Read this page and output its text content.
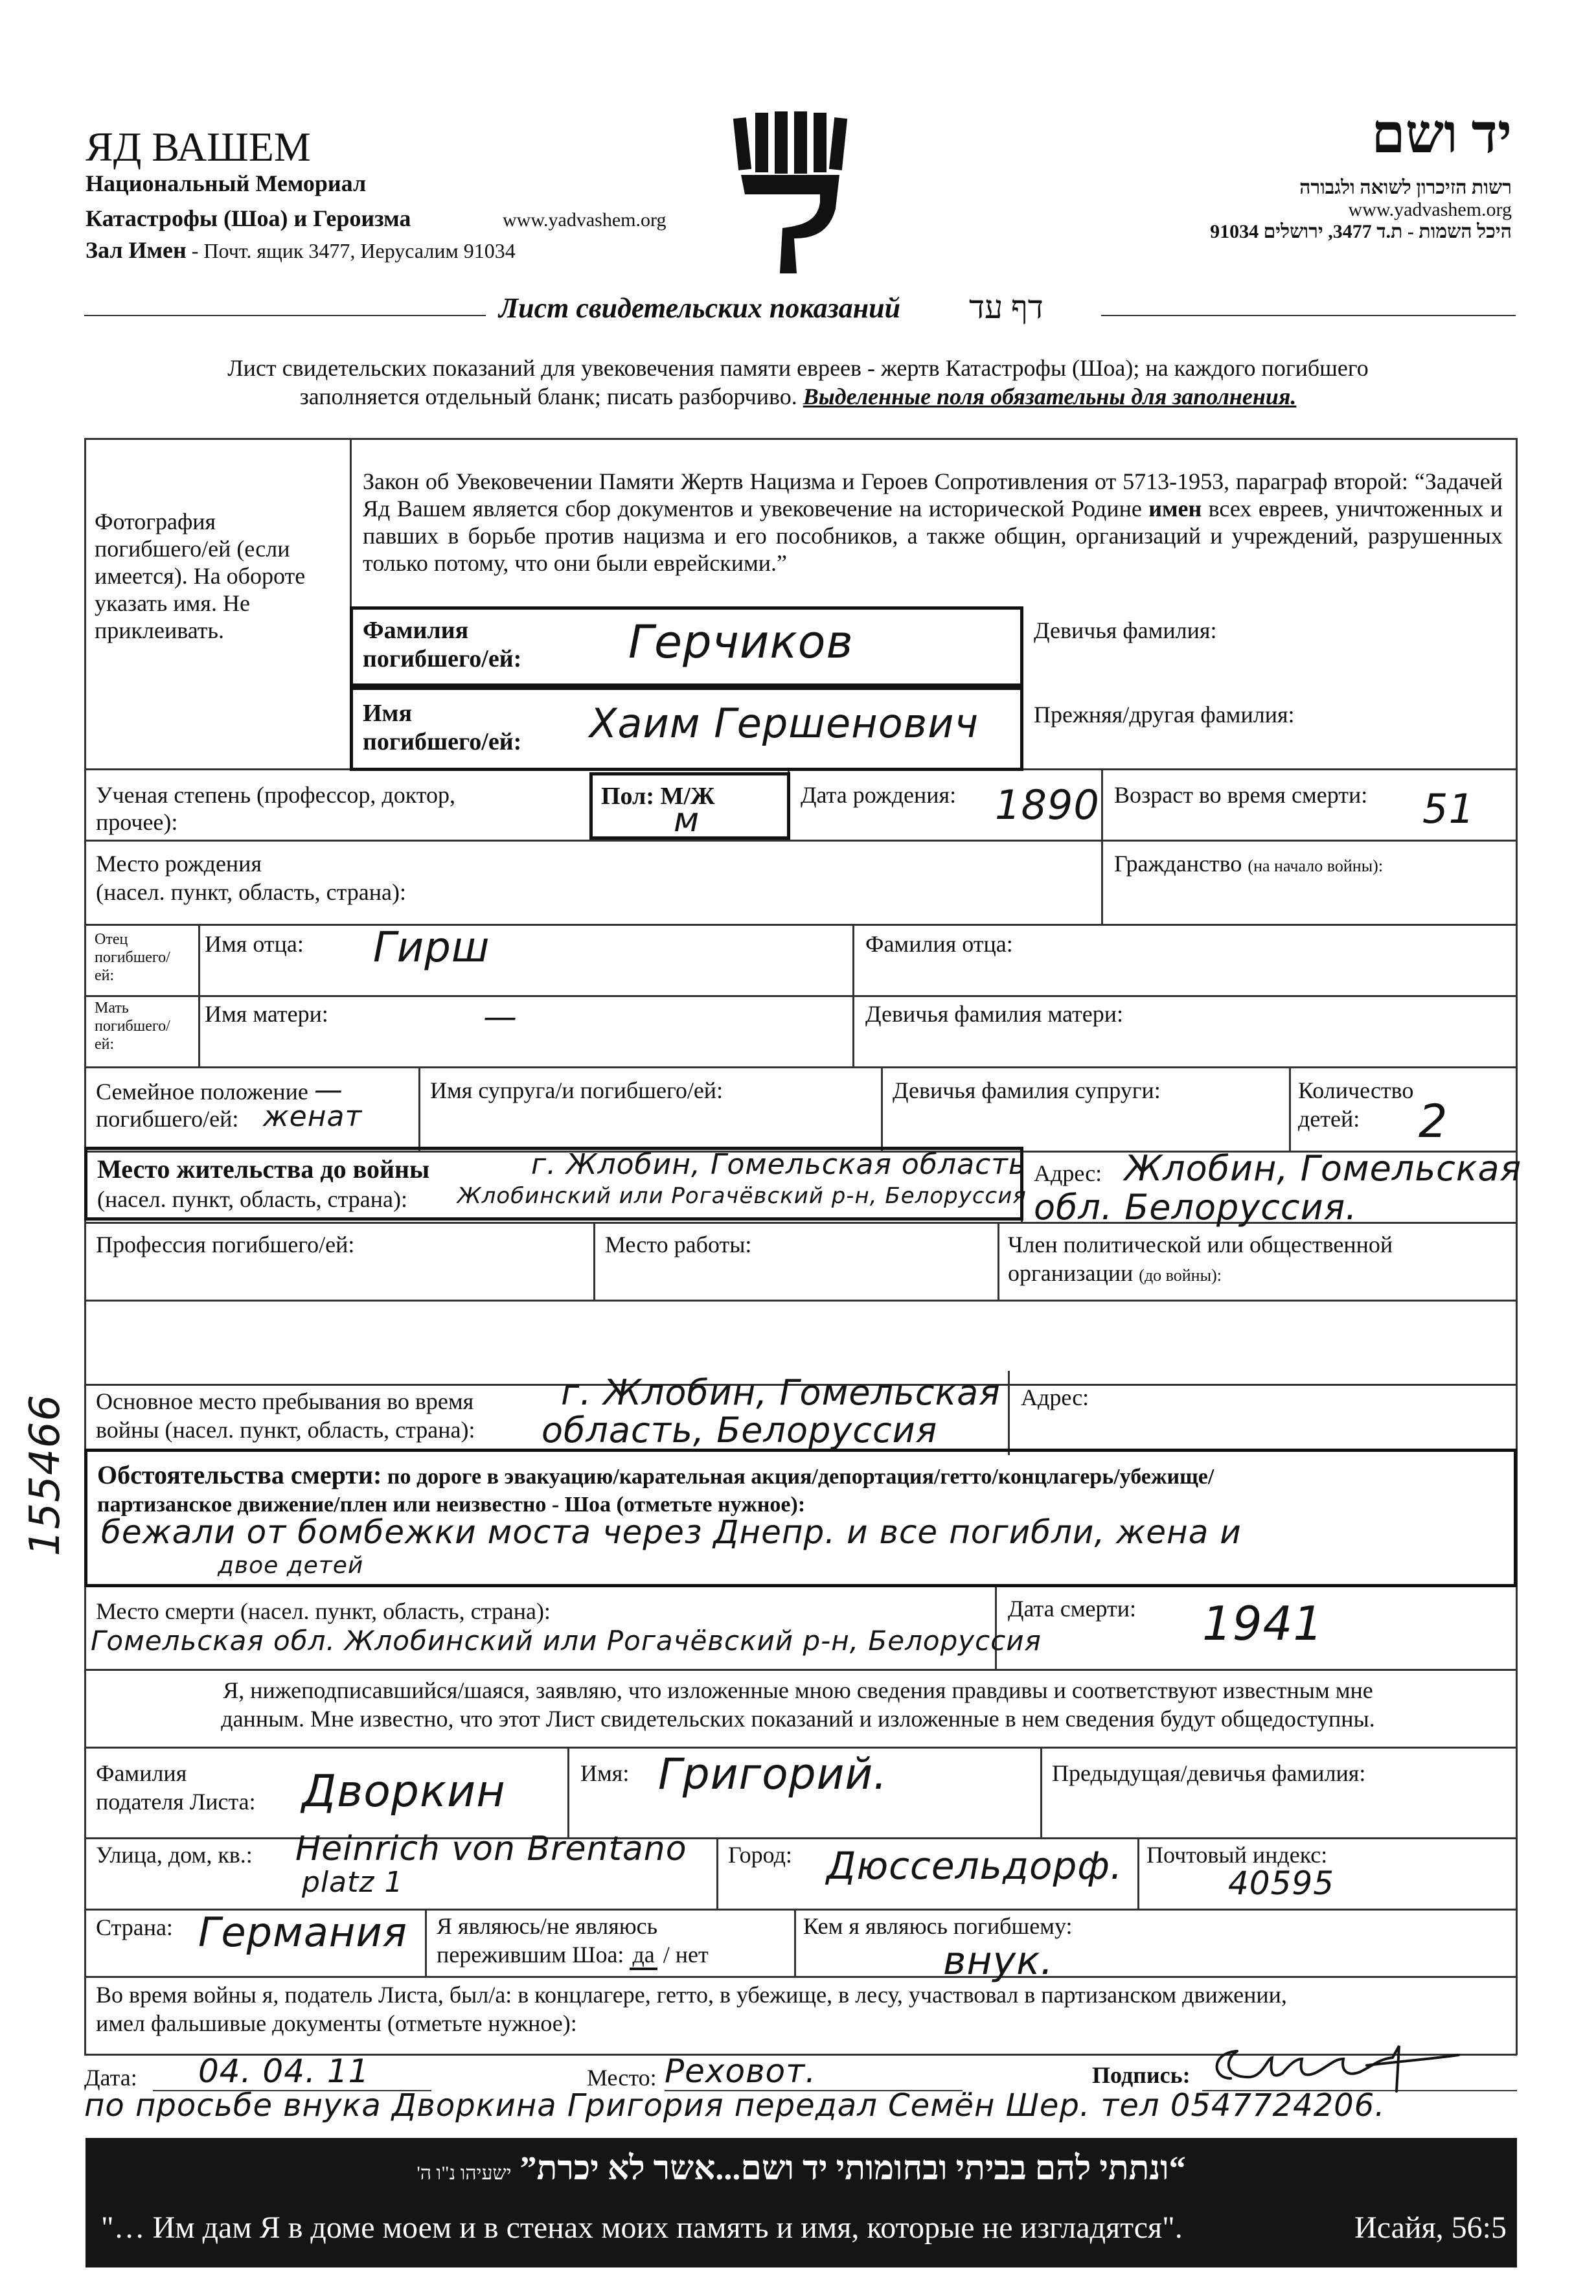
ЯД ВАШЕМ
Национальный Мемориал
Катастрофы (Шоа) и Героизма	www.yadvashem.org
Зал Имен - Почт. ящик 3477, Иерусалим 91034
יד ושם
רשות הזיכרון לשואה ולגבורה
www.yadvashem.org
היכל השמות - ת.ד 3477, ירושלים 91034
Лист свидетельских показаний דף עד
Лист свидетельских показаний для увековечения памяти евреев - жертв Катастрофы (Шоа); на каждого погибшего
заполняется отдельный бланк; писать разборчиво. Выделенные поля обязательны для заполнения.
Фотография погибшего/ей (если имеется). На обороте указать имя. Не приклеивать.
Закон об Увековечении Памяти Жертв Нацизма и Героев Сопротивления от 5713-1953, параграф второй: “Задачей Яд Вашем является сбор документов и увековечение на исторической Родине имен всех евреев, уничтоженных и павших в борьбе против нацизма и его пособников, а также общин, организаций и учреждений, разрушенных только потому, что они были еврейскими.”
Фамилия
погибшего/ей: Герчиков	Девичья фамилия:
Имя
погибшего/ей: Хаим Гершенович Прежняя/другая фамилия:
Ученая степень (профессор, доктор, прочее):
Пол: М/Ж
м
Дата рождения: 1890 Возраст во время смерти: 51
Место рождения
(насел. пункт, область, страна):
Гражданство (на начало войны):
Отец погибшего/ ей:
Имя отца: Гирш	Фамилия отца:
Мать погибшего/ ей:
Имя матери:	—	Девичья фамилия матери:
Семейное положение —
погибшего/ей: женат
Имя супруга/и погибшего/ей:	Девичья фамилия супруги:	Количество
детей: 2
Место жительства до войны
(насел. пункт, область, страна):
г. Жлобин, Гомельская область
Жлобинский или Рогачёвский р-н, Белоруссия
Адрес: Жлобин, Гомельская
обл. Белоруссия.
Профессия погибшего/ей:	Место работы:	Член политической или общественной
организации (до войны):
Основное место пребывания во время
войны (насел. пункт, область, страна):
г. Жлобин, Гомельская
область, Белоруссия
Адрес:
Обстоятельства смерти: по дороге в эвакуацию/карательная акция/депортация/гетто/концлагерь/убежище/
партизанское движение/плен или неизвестно - Шоа (отметьте нужное):
бежали от бомбежки моста через Днепр. и все погибли, жена и
двое детей
Место смерти (насел. пункт, область, страна):
Гомельская обл. Жлобинский или Рогачёвский р-н, Белоруссия
Дата смерти: 1941
Я, нижеподписавшийся/шаяся, заявляю, что изложенные мною сведения правдивы и соответствуют известным мне
данным. Мне известно, что этот Лист свидетельских показаний и изложенные в нем сведения будут общедоступны.
Фамилия
подателя Листа: Дворкин	Имя: Григорий.	Предыдущая/девичья фамилия:
Улица, дом, кв.: Heinrich von Brentano
platz 1
Город: Дюссельдорф. Почтовый индекс:
40595
Страна: Германия Я являюсь/не являюсь
пережившим Шоа: да / нет
Кем я являюсь погибшему:
внук.
Во время войны я, податель Листа, был/а: в концлагере, гетто, в убежище, в лесу, участвовал в партизанском движении,
имел фальшивые документы (отметьте нужное):
Дата: 04. 04. 11	Место: Реховот.	Подпись:
по просьбе внука Дворкина Григория передал Семён Шер. тел 0547724206.
155466
“ונתתי להם בביתי ובחומותי יד ושם...אשר לא יכרת” ישעיהו נ"ו ה'
"… Им дам Я в доме моем и в стенах моих память и имя, которые не изгладятся".	Исайя, 56:5
